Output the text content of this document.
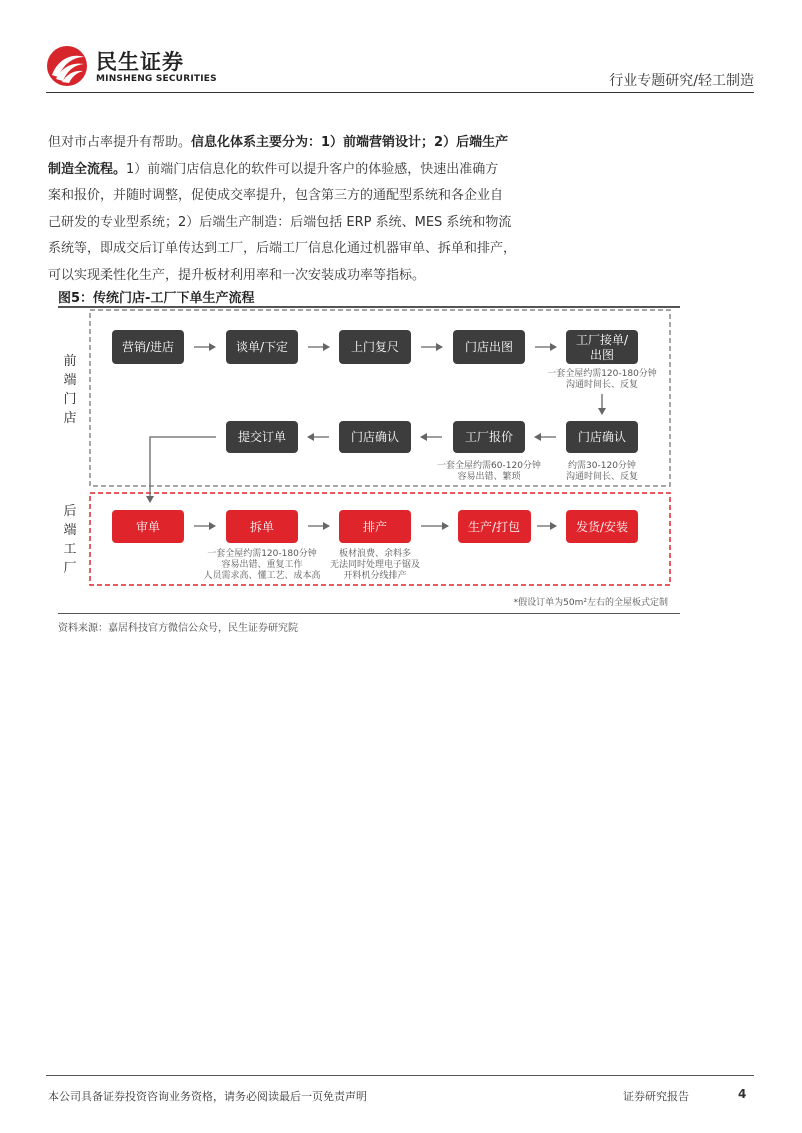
民生证券
MINSHENG SECURITIES	行业专题研究/轻工制造
但对市占率提升有帮助。信息化体系主要分为：1）前端营销设计；2）后端生产
制造全流程。1）前端门店信息化的软件可以提升客户的体验感，快速出准确方
案和报价，并随时调整，促使成交率提升，包含第三方的通配型系统和各企业自
己研发的专业型系统；2）后端生产制造：后端包括 ERP 系统、MES 系统和物流
系统等，即成交后订单传达到工厂，后端工厂信息化通过机器审单、拆单和排产，
可以实现柔性化生产，提升板材利用率和一次安装成功率等指标。
图5：传统门店-工厂下单生产流程
前
端
门
店
后
端
工
厂
营销/进店	谈单/下定	上门复尺	门店出图	工厂接单/
出图
一套全屋约需120-180分钟
沟通时间长、反复
提交订单	门店确认	工厂报价	门店确认
一套全屋约需60-120分钟
容易出错、繁琐
约需30-120分钟
沟通时间长、反复
审单	拆单	排产	生产/打包	发货/安装
一套全屋约需120-180分钟
容易出错、重复工作
人员需求高、懂工艺、成本高
板材浪费、余料多
无法同时处理电子锯及
开料机分线排产
*假设订单为50m²左右的全屋板式定制
资料来源：嘉居科技官方微信公众号，民生证券研究院
本公司具备证券投资咨询业务资格，请务必阅读最后一页免责声明	证券研究报告	4
